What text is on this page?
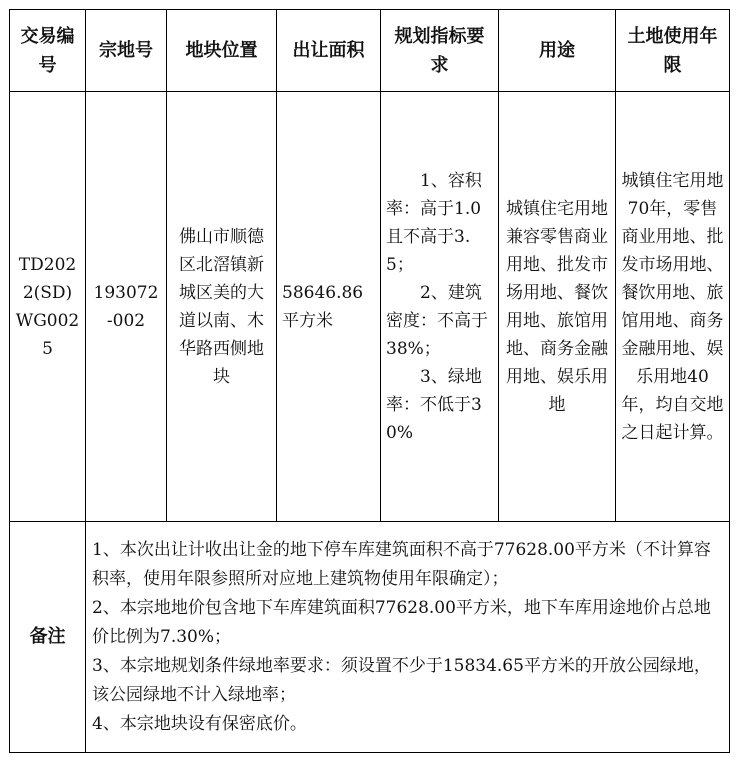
交易编号	宗地号	地块位置	出让面积	规划指标要求	用途	土地使用年限
TD2022(SD)WG0025	193072-002	佛山市顺德区北滘镇新城区美的大道以南、木华路西侧地块	58646.86平方米	1、容积率：高于1.0且不高于3.5；
2、建筑密度：不高于38%；
3、绿地率：不低于30%	城镇住宅用地兼容零售商业用地、批发市场用地、餐饮用地、旅馆用地、商务金融用地、娱乐用地	城镇住宅用地70年，零售商业用地、批发市场用地、餐饮用地、旅馆用地、商务金融用地、娱乐用地40年，均自交地之日起计算。
备注	1、本次出让计收出让金的地下停车库建筑面积不高于77628.00平方米（不计算容积率，使用年限参照所对应地上建筑物使用年限确定）；
2、本宗地地价包含地下车库建筑面积77628.00平方米，地下车库用途地价占总地价比例为7.30%；
3、本宗地规划条件绿地率要求：须设置不少于15834.65平方米的开放公园绿地，该公园绿地不计入绿地率；
4、本宗地块设有保密底价。					
